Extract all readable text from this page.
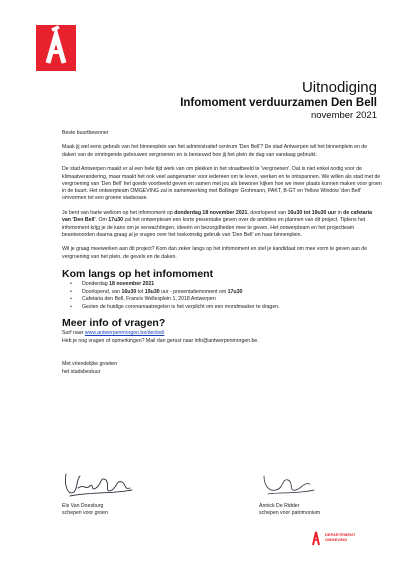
Uitnodiging
Infomoment verduurzamen Den Bell
november 2021

Beste buurtbewoner

Maak jij wel eens gebruik van het binnenplein van het administratief centrum 'Den Bell'? De stad Antwerpen wil het binnenplein en de daken van de omringende gebouwen vergroenen en is benieuwd hoe jij het plein de dag van vandaag gebruikt.

De stad Antwerpen maakt er al een hele tijd werk van om plekken in het straatbeeld te 'vergroenen'. Dat is niet enkel nodig voor de klimaatverandering, maar maakt het ook veel aangenamer voor iedereen om te leven, werken en te ontspannen. We willen als stad met de vergroening van 'Den Bell' het goede voorbeeld geven en samen met jou als bewoner kijken hoe we meer plaats kunnen maken voor groen in de buurt. Het ontwerpteam OMGEVING zal in samenwerking met Bollinger Grohmann, PAKT, B-GT en Yellow Window 'den Bell' omvormen tot een groene stadsoase.

Je bent van harte welkom op het infomoment op donderdag 18 november 2021, doorlopend van 16u30 tot 19u30 uur in de cafetaria van 'Den Bell'. Om 17u30 zal het ontwerpteam een korte presentatie geven over de ambities en plannen van dit project. Tijdens het infomoment krijg je de kans om je verwachtingen, ideeën en bezorgdheden mee te geven. Het ontwerpteam en het projectteam beantwoorden daarna graag al je vragen over het toekomstig gebruik van 'Den Bell' en haar binnenplein.

Wil je graag meewerken aan dit project? Kom dan zeker langs op het infomoment en stel je kandidaat om mee vorm te geven aan de vergroening van het plein, de gevels en de daken.

Kom langs op het infomoment
• Donderdag 18 november 2021
• Doorlopend, van 16u30 tot 19u30 uur - presentatiemoment om 17u30
• Cafetaria den Bell, Francis Wellesplein 1, 2018 Antwerpen
• Gezien de huidige coronamaatregelen is het verplicht om een mondmasker te dragen.
Meer info of vragen?
Surf naar www.antwerpenmorgen.be/denbell
Heb je nog vragen of opmerkingen? Mail dan gerust naar info@antwerpenmorgen.be.
Met vriendelijke groeten
het stadsbestuur
Els Van Doesburg
schepen voor groen
Annick De Ridder
schepen voor patrimonium
DEPARTEMENT
OMGEVING
